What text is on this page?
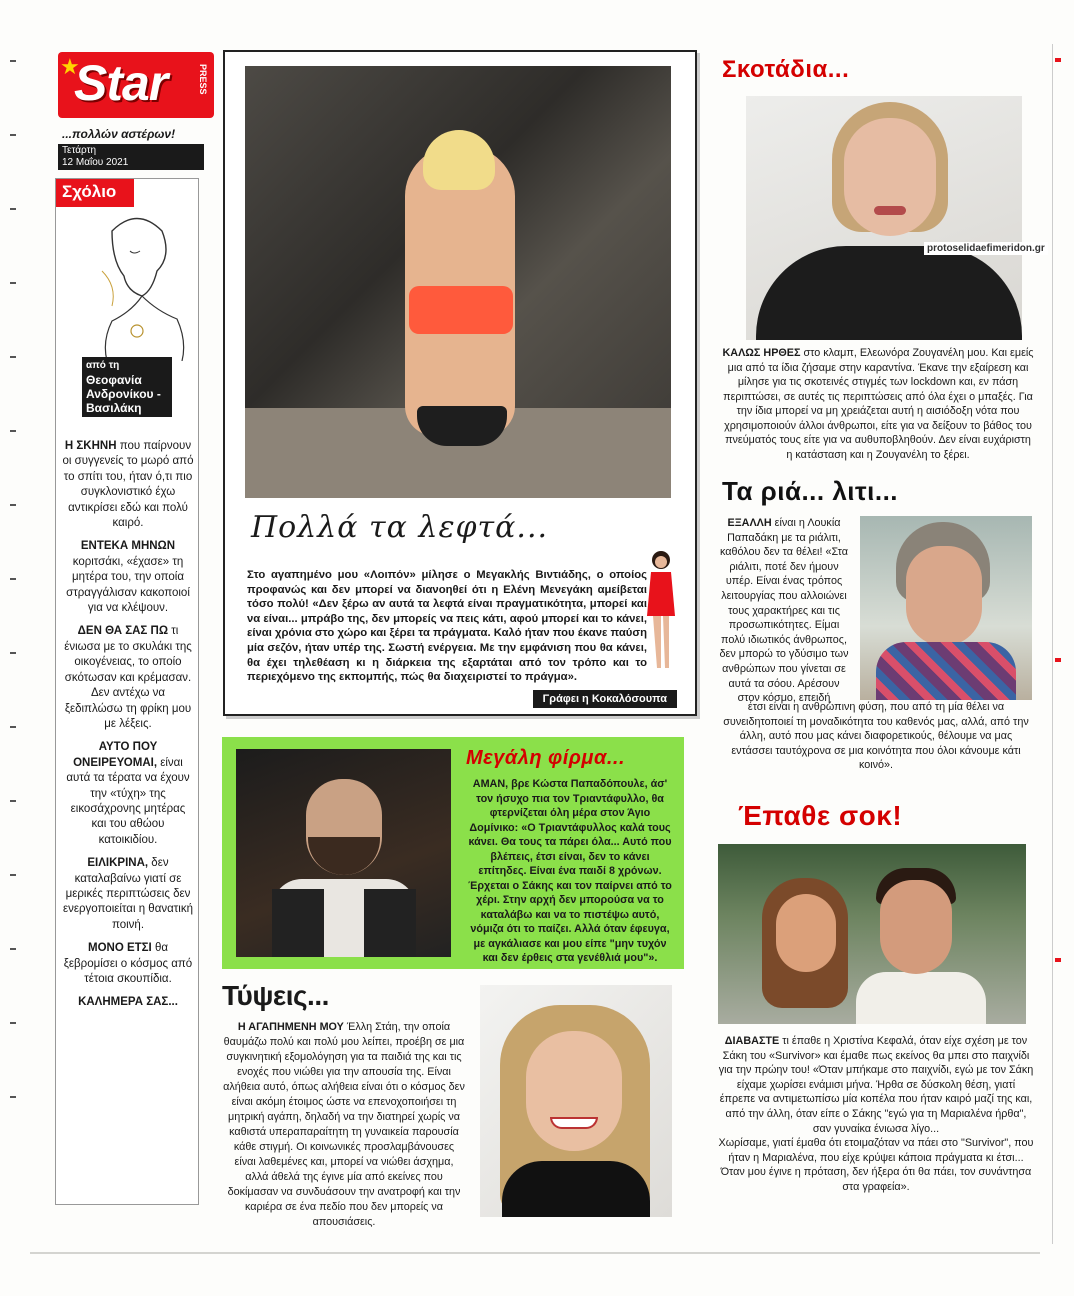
★
Star	PRESS
...πολλών αστέρων!
Τετάρτη
12 Μαΐου 2021
Σχόλιο
από τη
Θεοφανία Ανδρονίκου - Βασιλάκη

Η ΣΚΗΝΗ που παίρνουν οι συγγενείς το μωρό από το σπίτι του, ήταν ό,τι πιο συγκλονιστικό έχω αντικρίσει εδώ και πολύ καιρό.

ΕΝΤΕΚΑ ΜΗΝΩΝ κοριτσάκι, «έχασε» τη μητέρα του, την οποία στραγγάλισαν κακοποιοί για να κλέψουν.

ΔΕΝ ΘΑ ΣΑΣ ΠΩ τι ένιωσα με το σκυλάκι της οικογένειας, το οποίο σκότωσαν και κρέμασαν. Δεν αντέχω να ξεδιπλώσω τη φρίκη μου με λέξεις.

ΑΥΤΟ ΠΟΥ ΟΝΕΙΡΕΥΟΜΑΙ, είναι αυτά τα τέρατα να έχουν την «τύχη» της εικοσάχρονης μητέρας και του αθώου κατοικιδίου.

ΕΙΛΙΚΡΙΝΑ, δεν καταλαβαίνω γιατί σε μερικές περιπτώσεις δεν ενεργοποιείται η θανατική ποινή.

ΜΟΝΟ ΕΤΣΙ θα ξεβρομίσει ο κόσμος από τέτοια σκουπίδια.

ΚΑΛΗΜΕΡΑ ΣΑΣ...

Πολλά τα λεφτά...
Στο αγαπημένο μου «Λοιπόν» μίλησε ο Μεγακλής Βιντιάδης, ο οποίος προφανώς και δεν μπορεί να διανοηθεί ότι η Ελένη Μενεγάκη αμείβεται τόσο πολύ! «Δεν ξέρω αν αυτά τα λεφτά είναι πραγματικότητα, μπορεί και να είναι... μπράβο της, δεν μπορείς να πεις κάτι, αφού μπορεί και το κάνει, είναι χρόνια στο χώρο και ξέρει τα πράγματα. Καλό ήταν που έκανε παύση μία σεζόν, ήταν υπέρ της. Σωστή ενέργεια. Με την εμφάνιση που θα κάνει, θα έχει τηλεθέαση κι η διάρκεια της εξαρτάται από τον τρόπο και το περιεχόμενο της εκπομπής, πώς θα διαχειριστεί το πράγμα».
Γράφει η Κοκαλόσουπα
Μεγάλη φίρμα...
ΑΜΑΝ, βρε Κώστα Παπαδόπουλε, άσ' τον ήσυχο πια τον Τριαντάφυλλο, θα φτερνίζεται όλη μέρα στον Άγιο Δομίνικο: «Ο Τριαντάφυλλος καλά τους κάνει. Θα τους τα πάρει όλα... Αυτό που βλέπεις, έτσι είναι, δεν το κάνει επίτηδες. Είναι ένα παιδί 8 χρόνων. Έρχεται ο Σάκης και τον παίρνει από το χέρι. Στην αρχή δεν μπορούσα να το καταλάβω και να το πιστέψω αυτό, νόμιζα ότι το παίζει. Αλλά όταν έφευγα, με αγκάλιασε και μου είπε "μην τυχόν και δεν έρθεις στα γενέθλιά μου"».
Τύψεις...
Η ΑΓΑΠΗΜΕΝΗ ΜΟΥ Έλλη Στάη, την οποία θαυμάζω πολύ και πολύ μου λείπει, προέβη σε μια συγκινητική εξομολόγηση για τα παιδιά της και τις ενοχές που νιώθει για την απουσία της. Είναι αλήθεια αυτό, όπως αλήθεια είναι ότι ο κόσμος δεν είναι ακόμη έτοιμος ώστε να επενοχοποιήσει τη μητρική αγάπη, δηλαδή να την διατηρεί χωρίς να καθιστά υπεραπαραίτητη τη γυναικεία παρουσία κάθε στιγμή. Οι κοινωνικές προσλαμβάνουσες είναι λαθεμένες και, μπορεί να νιώθει άσχημα, αλλά άθελά της έγινε μία από εκείνες που δοκίμασαν να συνδυάσουν την ανατροφή και την καριέρα σε ένα πεδίο που δεν μπορείς να απουσιάσεις.
Σκοτάδια...
protoselidaefimeridon.gr
ΚΑΛΩΣ ΗΡΘΕΣ στο κλαμπ, Ελεωνόρα Ζουγανέλη μου. Και εμείς μια από τα ίδια ζήσαμε στην καραντίνα. Έκανε την εξαίρεση και μίλησε για τις σκοτεινές στιγμές των lockdown και, εν πάση περιπτώσει, σε αυτές τις περιπτώσεις από όλα έχει ο μπαξές. Για την ίδια μπορεί να μη χρειάζεται αυτή η αισιόδοξη νότα που χρησιμοποιούν άλλοι άνθρωποι, είτε για να δείξουν το βάθος του πνεύματός τους είτε για να αυθυποβληθούν. Δεν είναι ευχάριστη η κατάσταση και η Ζουγανέλη το ξέρει.
Τα ριά... λιτι...
ΕΞΑΛΛΗ είναι η Λουκία Παπαδάκη με τα ριάλιτι, καθόλου δεν τα θέλει! «Στα ριάλιτι, ποτέ δεν ήμουν υπέρ. Είναι ένας τρόπος λειτουργίας που αλλοιώνει τους χαρακτήρες και τις προσωπικότητες. Είμαι πολύ ιδιωτικός άνθρωπος, δεν μπορώ το γδύσιμο των ανθρώπων που γίνεται σε αυτά τα σόου. Αρέσουν στον κόσμο, επειδή
έτσι είναι η ανθρώπινη φύση, που από τη μία θέλει να συνειδητοποιεί τη μοναδικότητα του καθενός μας, αλλά, από την άλλη, αυτό που μας κάνει διαφορετικούς, θέλουμε να μας εντάσσει ταυτόχρονα σε μια κοινότητα που όλοι κάνουμε κάτι κοινό».
Έπαθε σοκ!

ΔΙΑΒΑΣΤΕ τι έπαθε η Χριστίνα Κεφαλά, όταν είχε σχέση με τον Σάκη του «Survivor» και έμαθε πως εκείνος θα μπει στο παιχνίδι για την πρώην του! «Όταν μπήκαμε στο παιχνίδι, εγώ με τον Σάκη είχαμε χωρίσει ενάμισι μήνα. Ήρθα σε δύσκολη θέση, γιατί έπρεπε να αντιμετωπίσω μία κοπέλα που ήταν καιρό μαζί της και, από την άλλη, όταν είπε ο Σάκης "εγώ για τη Μαριαλένα ήρθα", σαν γυναίκα ένιωσα λίγο...

Χωρίσαμε, γιατί έμαθα ότι ετοιμαζόταν να πάει στο "Survivor", που ήταν η Μαριαλένα, που είχε κρύψει κάποια πράγματα κι έτσι... Όταν μου έγινε η πρόταση, δεν ήξερα ότι θα πάει, τον συνάντησα στα γραφεία».
